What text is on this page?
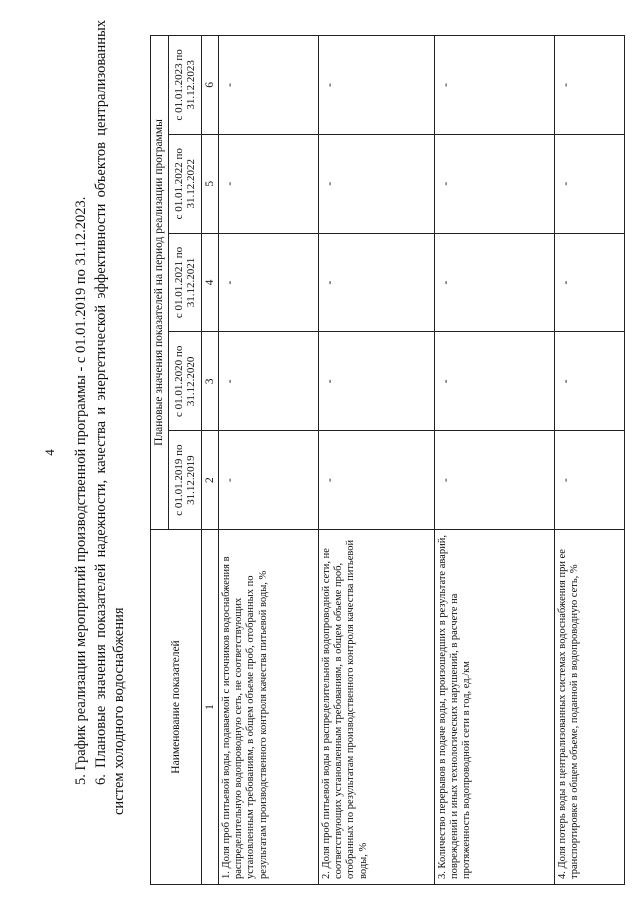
4 5. График реализации мероприятий производственной программы - с 01.01.2019 по 31.12.2023. 6. Плановые значения показателей надежности, качества и энергетической эффективности объектов централизованных систем холодного водоснабжения	Наименование показателей	Плановые значения показателей на период реализации программы				
	с 01.01.2019 по 31.12.2019	с 01.01.2020 по 31.12.2020	с 01.01.2021 по 31.12.2021	с 01.01.2022 по 31.12.2022	с 01.01.2023 по 31.12.2023
1	2	3	4	5	6
1. Доля проб питьевой воды, подаваемой с источников водоснабжения в распределительную водопроводную сеть, не соответствующих установленным требованиям, в общем объеме проб, отобранных по результатам производственного контроля качества питьевой воды, %	-	-	-	-	-
2. Доля проб питьевой воды в распределительной водопроводной сети, не соответствующих установленным требованиям, в общем объеме проб, отобранных по результатам производственного контроля качества питьевой воды, %	-	-	-	-	-
3. Количество перерывов в подаче воды, произошедших в результате аварий, повреждений и иных технологических нарушений, в расчете на протяженность водопроводной сети в год, ед./км	-	-	-	-	-
4. Доля потерь воды в централизованных системах водоснабжения при ее транспортировке в общем объеме, поданной в водопроводную сеть, %	-	-	-	-	-
